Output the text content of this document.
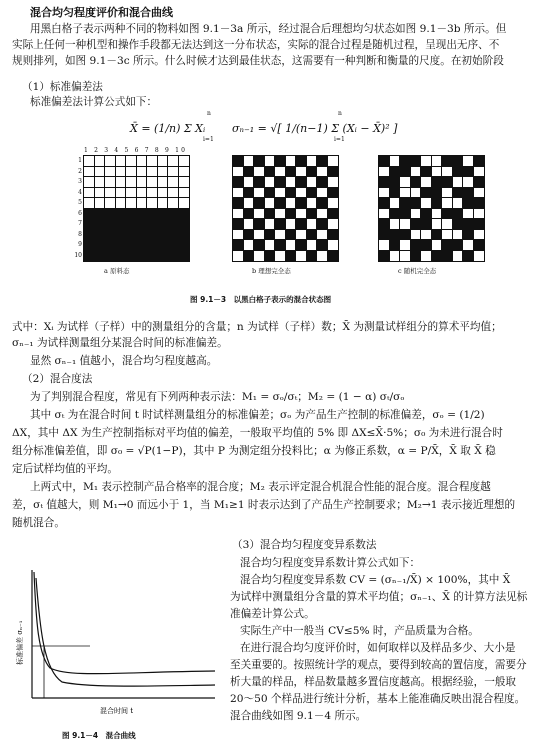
混合均匀程度评价和混合曲线
用黑白格子表示两种不同的物料如图 9.1－3a 所示，经过混合后理想均匀状态如图 9.1－3b 所示。但
实际上任何一种机型和操作手段都无法达到这一分布状态，实际的混合过程是随机过程，呈现出无序、不
规则排列，如图 9.1－3c 所示。什么时候才达到最佳状态，这需要有一种判断和衡量的尺度。在初始阶段
（1）标准偏差法
标准偏差法计算公式如下：
X̄ = (1/n) Σ Xᵢ σₙ₋₁ = √[ 1/(n−1) Σ (Xᵢ − X̄)² ]
n
i=1
n
i=1
1 2 3 4 5 6 7 8 9 10
1
2
3
4
5
6
7
8
9
10
a 原料态	b 理想完全态	c 随机完全态
图 9.1－3　以黑白格子表示的混合状态图
式中：Xᵢ 为试样（子样）中的测量组分的含量；n 为试样（子样）数；X̄ 为测量试样组分的算术平均值；
σₙ₋₁ 为试样测量组分某混合时间的标准偏差。
显然 σₙ₋₁ 值越小，混合均匀程度越高。
（2）混合度法
为了判别混合程度，常见有下列两种表示法：M₁ = σₒ/σₜ；M₂ = (1 − α) σₜ/σₒ
其中 σₜ 为在混合时间 t 时试样测量组分的标准偏差；σₒ 为产品生产控制的标准偏差，σₒ = (1/2)
ΔX，其中 ΔX 为生产控制指标对平均值的偏差，一般取平均值的 5% 即 ΔX≤X̄·5%；σ₀ 为未进行混合时
组分标准偏差值，即 σ₀ = √P(1−P)，其中 P 为测定组分投料比；α 为修正系数，α = P/X̄，X̄ 取 X̄ 稳
定后试样均值的平均。
上两式中，M₁ 表示控制产品合格率的混合度；M₂ 表示评定混合机混合性能的混合度。混合程度越
差，σₜ 值越大，则 M₁→0 而远小于 1，当 M₁≥1 时表示达到了产品生产控制要求；M₂→1 表示接近理想的
随机混合。
（3）混合均匀程度变异系数法
混合均匀程度变异系数计算公式如下：
混合均匀程度变异系数 CV = (σₙ₋₁/X̄) × 100%，其中 X̄
为试样中测量组分含量的算术平均值；σₙ₋₁、X̄ 的计算方法见标
准偏差计算公式。
实际生产中一般当 CV≤5% 时，产品质量为合格。
在进行混合均匀度评价时，如何取样以及样品多少、大小是
至关重要的。按照统计学的观点，要得到较高的置信度，需要分
析大量的样品，样品数量越多置信度越高。根据经验，一般取
20～50 个样品进行统计分析，基本上能准确反映出混合程度。
混合曲线如图 9.1－4 所示。
标准偏差 σₙ₋₁
混合时间 t
图 9.1－4　混合曲线
